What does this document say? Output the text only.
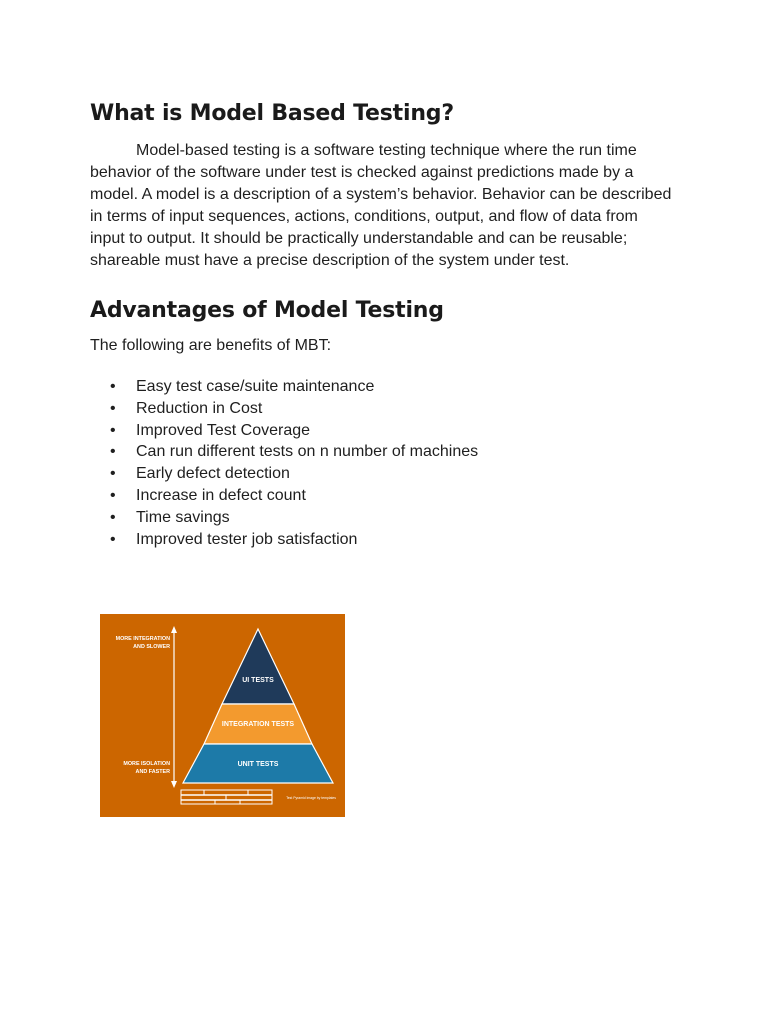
What is Model Based Testing?

Model-based testing is a software testing technique where the run time
behavior of the software under test is checked against predictions made by a
model. A model is a description of a system’s behavior. Behavior can be described
in terms of input sequences, actions, conditions, output, and flow of data from
input to output. It should be practically understandable and can be reusable;
shareable must have a precise description of the system under test.

Advantages of Model Testing

The following are benefits of MBT:

• Easy test case/suite maintenance
• Reduction in Cost
• Improved Test Coverage
• Can run different tests on n number of machines
• Early defect detection
• Increase in defect count
• Time savings
• Improved tester job satisfaction
MORE INTEGRATION
AND SLOWER
MORE ISOLATION
AND FASTER
UI TESTS
INTEGRATION TESTS
UNIT TESTS
Test Pyramid image by templates
